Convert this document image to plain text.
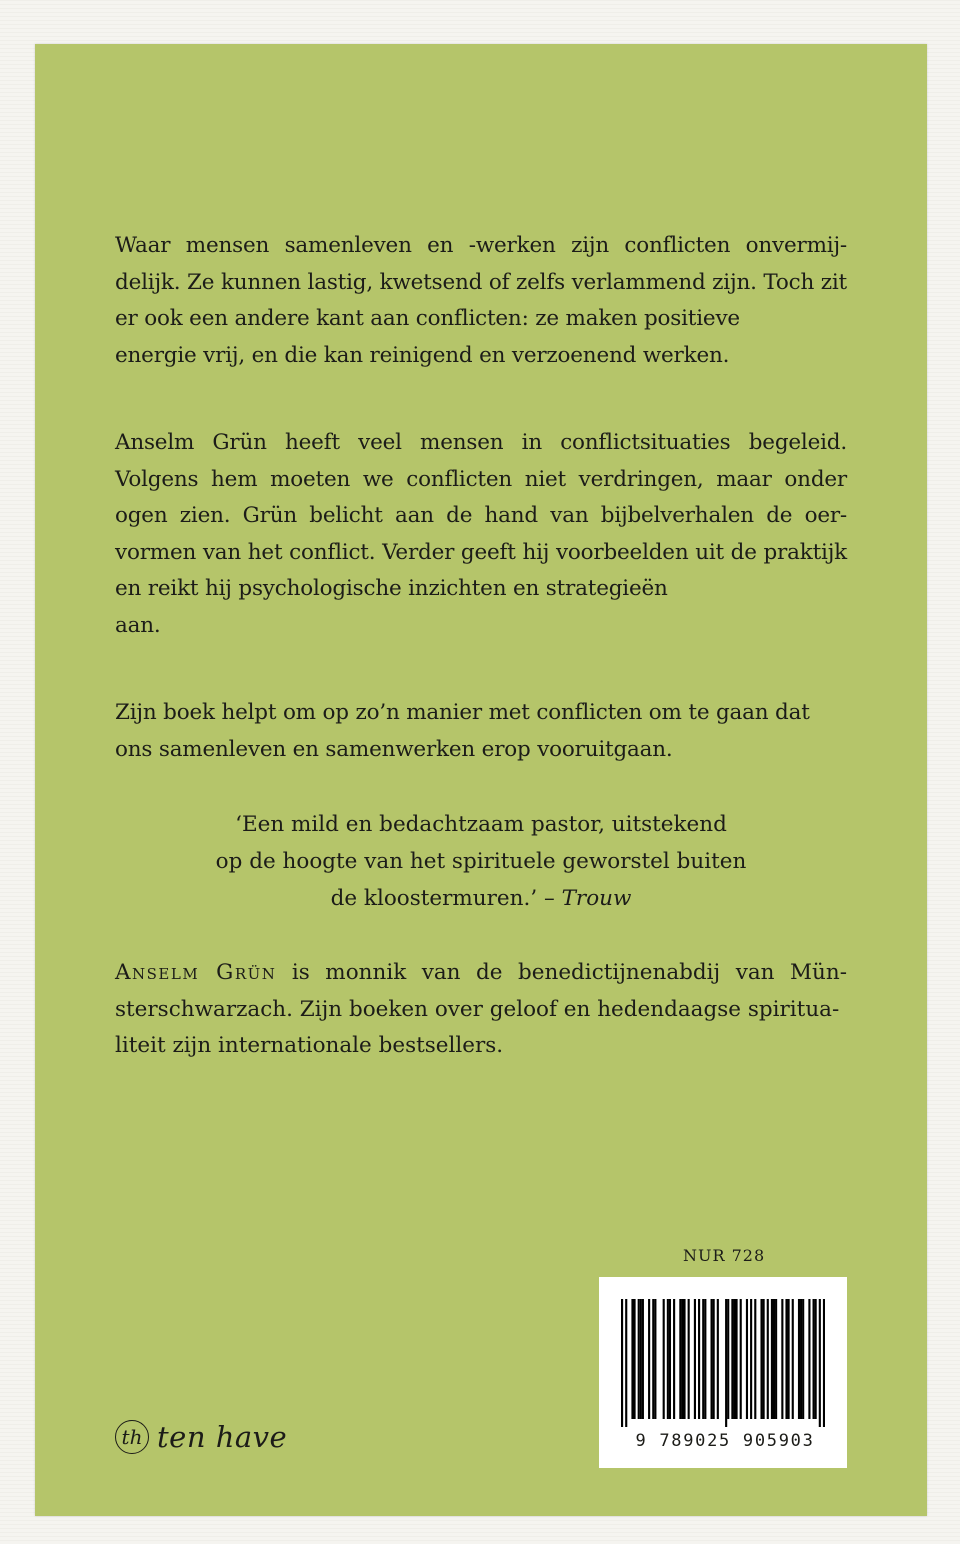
Waar mensen samenleven en -werken zijn conflicten onvermij-delijk. Ze kunnen lastig, kwetsend of zelfs verlammend zijn. Toch zit er ook een andere kant aan conflicten: ze maken positieve

energie vrij, en die kan reinigend en verzoenend werken.

Anselm Grün heeft veel mensen in conflictsituaties begeleid. Volgens hem moeten we conflicten niet verdringen, maar onder ogen zien. Grün belicht aan de hand van bijbelverhalen de oer-vormen van het conflict. Verder geeft hij voorbeelden uit de praktijk en reikt hij psychologische inzichten en strategieën

aan.

Zijn boek helpt om op zo’n manier met conflicten om te gaan dat

ons samenleven en samenwerken erop vooruitgaan.

‘Een mild en bedachtzaam pastor, uitstekend
op de hoogte van het spirituele geworstel buiten
de kloostermuren.’ – Trouw

Anselm Grün is monnik van de benedictijnenabdij van Mün-sterschwarzach. Zijn boeken over geloof en hedendaagse spiritua-

liteit zijn internationale bestsellers.

NUR 728
9 789025 905903
th ten have
